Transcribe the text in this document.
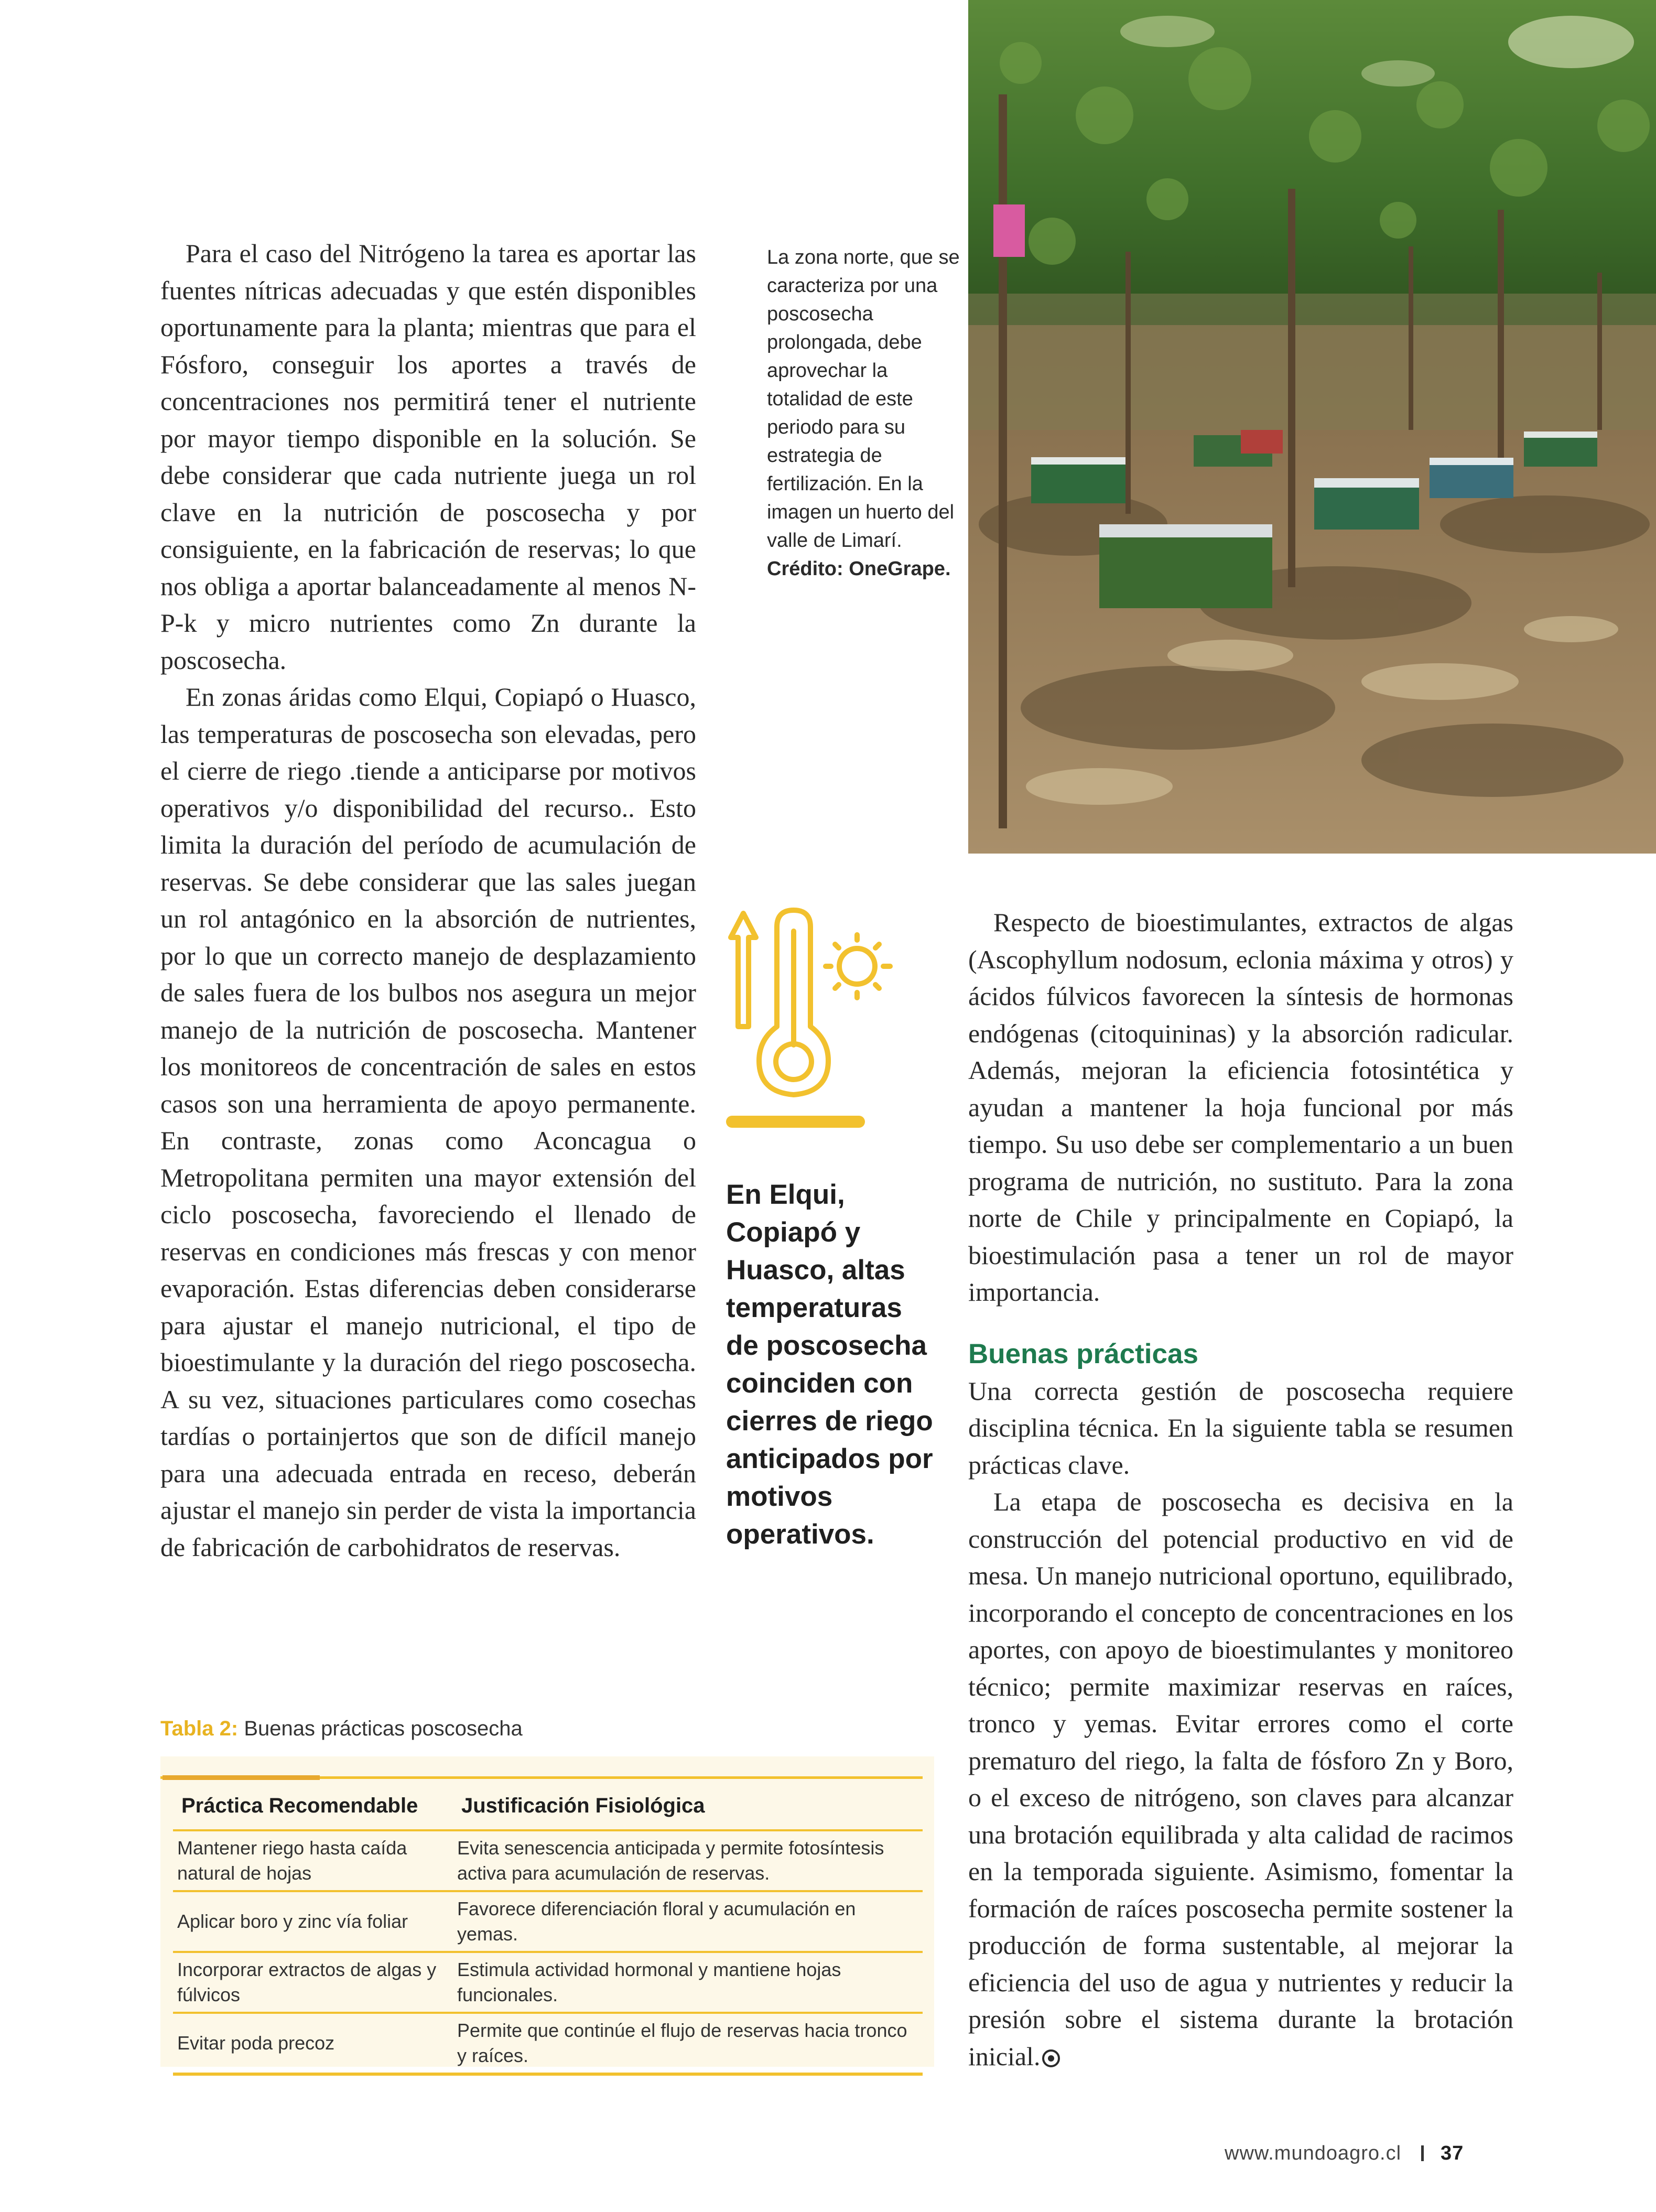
Para el caso del Nitrógeno la tarea es aportar las fuentes nítricas adecuadas y que estén disponibles oportunamente para la planta; mientras que para el Fósforo, conseguir los aportes a través de concentraciones nos permitirá tener el nutriente por mayor tiempo disponible en la solución. Se debe considerar que cada nutriente juega un rol clave en la nutrición de poscosecha y por consiguiente, en la fabricación de reservas; lo que nos obliga a aportar balanceadamente al menos N-P-k y micro nutrientes como Zn durante la poscosecha.

En zonas áridas como Elqui, Copiapó o Huasco, las temperaturas de poscosecha son elevadas, pero el cierre de riego .tiende a anticiparse por motivos operativos y/o disponibilidad del recurso.. Esto limita la duración del período de acumulación de reservas. Se debe considerar que las sales juegan un rol antagónico en la absorción de nutrientes, por lo que un correcto manejo de desplazamiento de sales fuera de los bulbos nos asegura un mejor manejo de la nutrición de poscosecha. Mantener los monitoreos de concentración de sales en estos casos son una herramienta de apoyo permanente. En contraste, zonas como Aconcagua o Metropolitana permiten una mayor extensión del ciclo poscosecha, favoreciendo el llenado de reservas en condiciones más frescas y con menor evaporación. Estas diferencias deben considerarse para ajustar el manejo nutricional, el tipo de bioestimulante y la duración del riego poscosecha. A su vez, situaciones particulares como cosechas tardías o portainjertos que son de difícil manejo para una adecuada entrada en receso, deberán ajustar el manejo sin perder de vista la importancia de fabricación de carbohidratos de reservas.

La zona norte, que se caracteriza por una poscosecha prolongada, debe aprovechar la totalidad de este periodo para su estrategia de fertilización. En la imagen un huerto del valle de Limarí. Crédito: OneGrape.
En Elqui, Copiapó y Huasco, altas temperaturas de poscosecha coinciden con cierres de riego anticipados por motivos operativos.

Respecto de bioestimulantes, extractos de algas (Ascophyllum nodosum, eclonia máxima y otros) y ácidos fúlvicos favorecen la síntesis de hormonas endógenas (citoquininas) y la absorción radicular. Además, mejoran la eficiencia fotosintética y ayudan a mantener la hoja funcional por más tiempo. Su uso debe ser complementario a un buen programa de nutrición, no sustituto. Para la zona norte de Chile y principalmente en Copiapó, la bioestimulación pasa a tener un rol de mayor importancia.

Buenas prácticas

Una correcta gestión de poscosecha requiere disciplina técnica. En la siguiente tabla se resumen prácticas clave.

La etapa de poscosecha es decisiva en la construcción del potencial productivo en vid de mesa. Un manejo nutricional oportuno, equilibrado, incorporando el concepto de concentraciones en los aportes, con apoyo de bioestimulantes y monitoreo técnico; permite maximizar reservas en raíces, tronco y yemas. Evitar errores como el corte prematuro del riego, la falta de fósforo Zn y Boro, o el exceso de nitrógeno, son claves para alcanzar una brotación equilibrada y alta calidad de racimos en la temporada siguiente. Asimismo, fomentar la formación de raíces poscosecha permite sostener la producción de forma sustentable, al mejorar la eficiencia del uso de agua y nutrientes y reducir la presión sobre el sistema durante la brotación inicial.

Tabla 2: Buenas prácticas poscosecha
Práctica Recomendable	Justificación Fisiológica
Mantener riego hasta caída natural de hojas	Evita senescencia anticipada y permite fotosíntesis activa para acumulación de reservas.
Aplicar boro y zinc vía foliar	Favorece diferenciación floral y acumulación en yemas.
Incorporar extractos de algas y fúlvicos	Estimula actividad hormonal y mantiene hojas funcionales.
Evitar poda precoz	Permite que continúe el flujo de reservas hacia tronco y raíces.
www.mundoagro.cl 37
